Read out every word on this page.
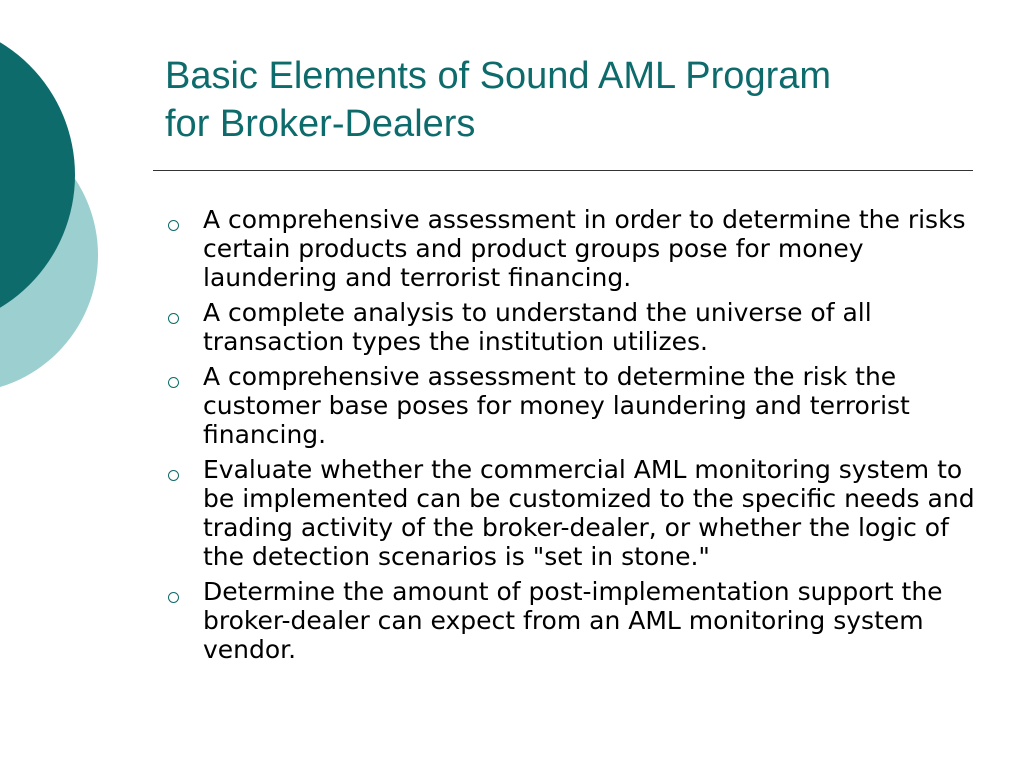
Basic Elements of Sound AML Program
for Broker-Dealers
A comprehensive assessment in order to determine the risks certain products and product groups pose for money laundering and terrorist financing.
A complete analysis to understand the universe of all transaction types the institution utilizes.
A comprehensive assessment to determine the risk the customer base poses for money laundering and terrorist financing.
Evaluate whether the commercial AML monitoring system to be implemented can be customized to the specific needs and trading activity of the broker-dealer, or whether the logic of the detection scenarios is "set in stone."
Determine the amount of post-implementation support the broker-dealer can expect from an AML monitoring system vendor.
